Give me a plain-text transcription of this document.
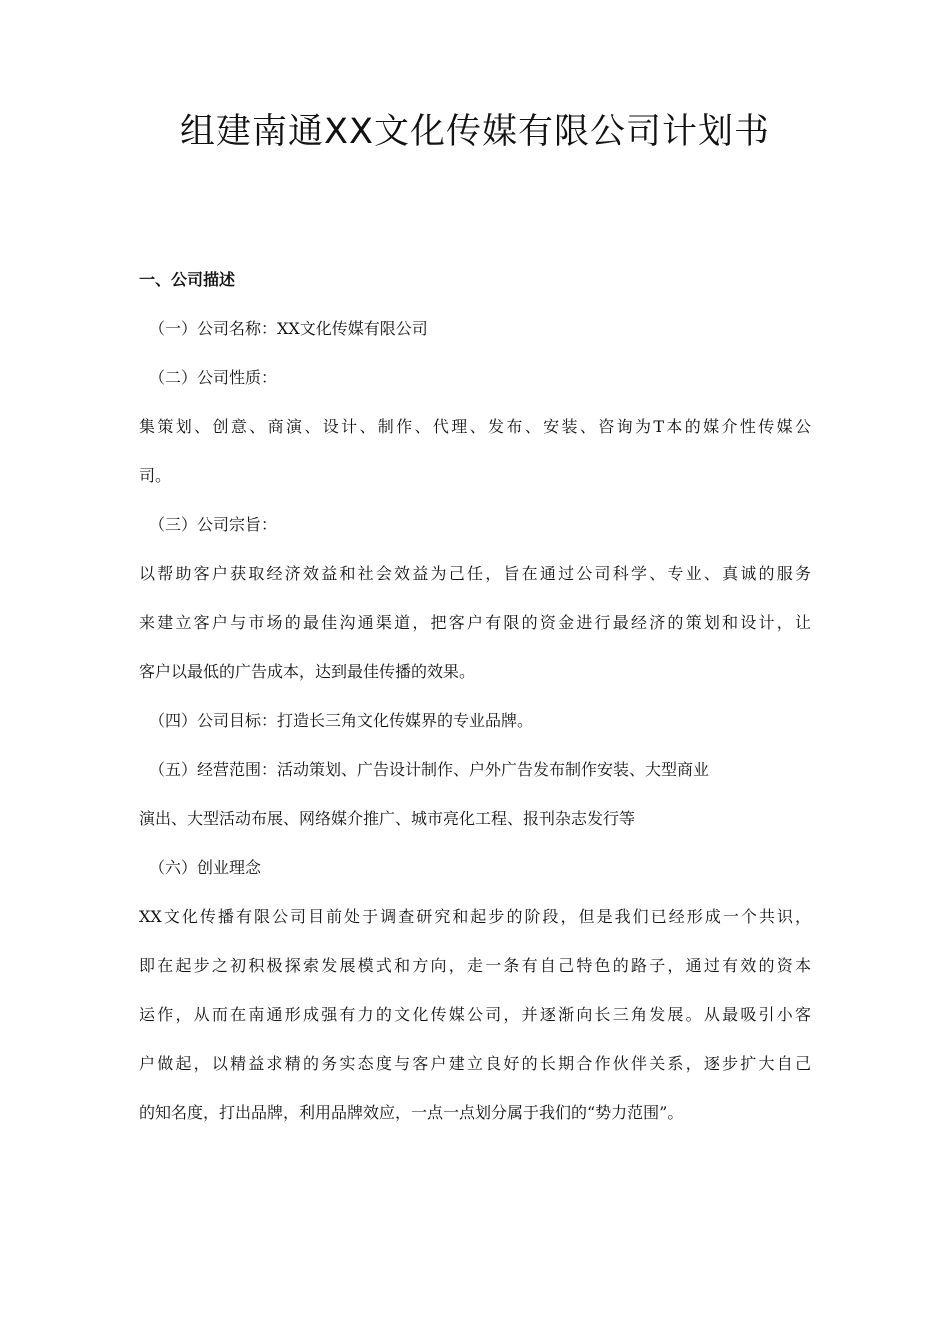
组建南通XX文化传媒有限公司计划书

一、公司描述

（一）公司名称：XX文化传媒有限公司

（二）公司性质：

集策划、创意、商演、设计、制作、代理、发布、安装、咨询为T本的媒介性传媒公

司。

（三）公司宗旨：

以帮助客户获取经济效益和社会效益为己任，旨在通过公司科学、专业、真诚的服务

来建立客户与市场的最佳沟通渠道，把客户有限的资金进行最经济的策划和设计，让

客户以最低的广告成本，达到最佳传播的效果。

（四）公司目标：打造长三角文化传媒界的专业品牌。

（五）经营范围：活动策划、广告设计制作、户外广告发布制作安装、大型商业

演出、大型活动布展、网络媒介推广、城市亮化工程、报刊杂志发行等

（六）创业理念

XX文化传播有限公司目前处于调查研究和起步的阶段，但是我们已经形成一个共识，

即在起步之初积极探索发展模式和方向，走一条有自己特色的路子，通过有效的资本

运作，从而在南通形成强有力的文化传媒公司，并逐渐向长三角发展。从最吸引小客

户做起，以精益求精的务实态度与客户建立良好的长期合作伙伴关系，逐步扩大自己

的知名度，打出品牌，利用品牌效应，一点一点划分属于我们的“势力范围”。
